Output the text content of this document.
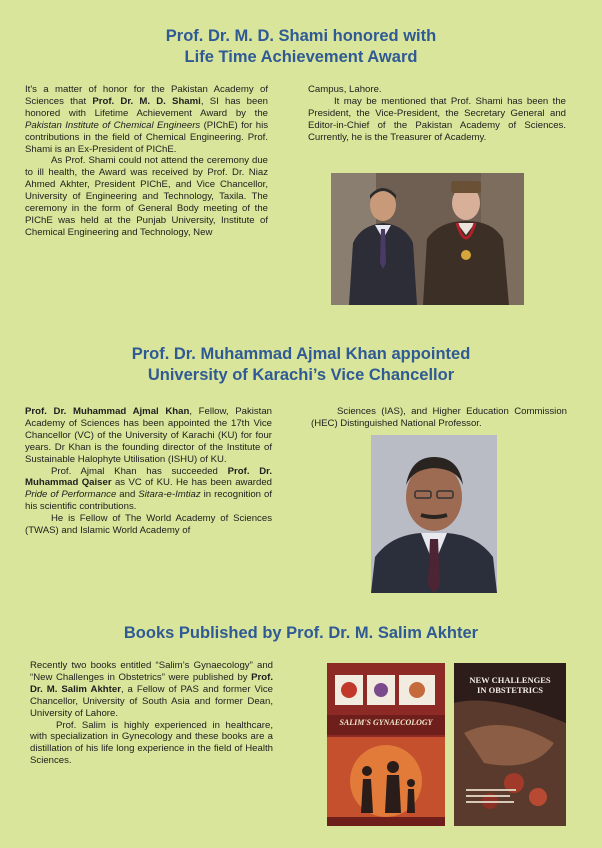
Prof. Dr. M. D. Shami honored with
Life Time Achievement Award

It's a matter of honor for the Pakistan Academy of Sciences that Prof. Dr. M. D. Shami, SI has been honored with Lifetime Achievement Award by the Pakistan Institute of Chemical Engineers (PIChE) for his contributions in the field of Chemical Engineering. Prof. Shami is an Ex-President of PIChE.

As Prof. Shami could not attend the ceremony due to ill health, the Award was received by Prof. Dr. Niaz Ahmed Akhter, President PIChE, and Vice Chancellor, University of Engineering and Technology, Taxila. The ceremony in the form of General Body meeting of the PIChE was held at the Punjab University, Institute of Chemical Engineering and Technology, New

Campus, Lahore.

It may be mentioned that Prof. Shami has been the President, the Vice-President, the Secretary General and Editor-in-Chief of the Pakistan Academy of Sciences. Currently, he is the Treasurer of Academy.

Prof. Dr. Muhammad Ajmal Khan appointed
University of Karachi’s Vice Chancellor

Prof. Dr. Muhammad Ajmal Khan, Fellow, Pakistan Academy of Sciences has been appointed the 17th Vice Chancellor (VC) of the University of Karachi (KU) for four years. Dr Khan is the founding director of the Institute of Sustainable Halophyte Utilisation (ISHU) of KU.

Prof. Ajmal Khan has succeeded Prof. Dr. Muhammad Qaiser as VC of KU. He has been awarded Pride of Performance and Sitara-e-Imtiaz in recognition of his scientific contributions.

He is Fellow of The World Academy of Sciences (TWAS) and Islamic World Academy of

Sciences (IAS), and Higher Education Commission (HEC) Distinguished National Professor.

Books Published by Prof. Dr. M. Salim Akhter

Recently two books entitled “Salim’s Gynaecology” and “New Challenges in Obstetrics” were published by Prof. Dr. M. Salim Akhter, a Fellow of PAS and former Vice Chancellor, University of South Asia and former Dean, University of Lahore.

Prof. Salim is highly experienced in healthcare, with specialization in Gynecology and these books are a distillation of his life long experience in the field of Health Sciences.

SALIM'S GYNAECOLOGY
NEW CHALLENGES
IN OBSTETRICS
